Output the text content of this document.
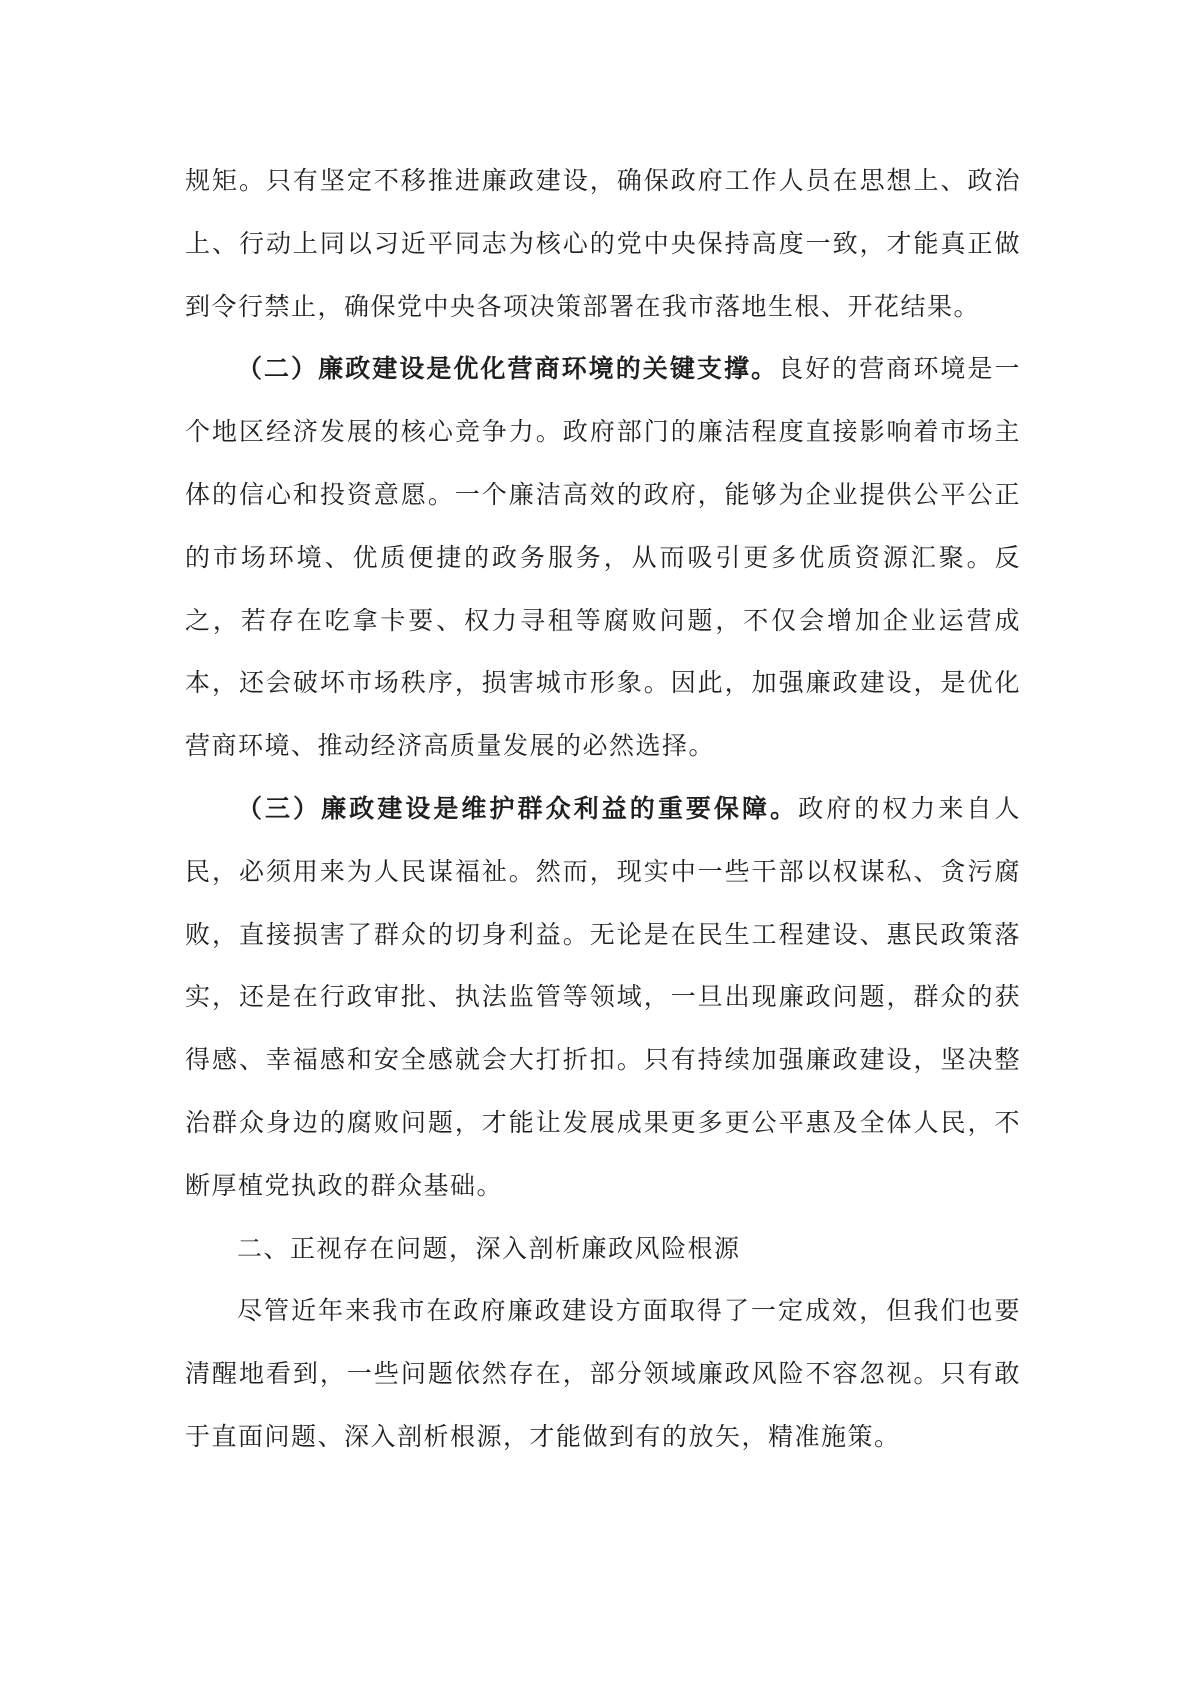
规矩。只有坚定不移推进廉政建设，确保政府工作人员在思想上、政治上、行动上同以习近平同志为核心的党中央保持高度一致，才能真正做到令行禁止，确保党中央各项决策部署在我市落地生根、开花结果。

（二）廉政建设是优化营商环境的关键支撑。良好的营商环境是一个地区经济发展的核心竞争力。政府部门的廉洁程度直接影响着市场主体的信心和投资意愿。一个廉洁高效的政府，能够为企业提供公平公正的市场环境、优质便捷的政务服务，从而吸引更多优质资源汇聚。反之，若存在吃拿卡要、权力寻租等腐败问题，不仅会增加企业运营成本，还会破坏市场秩序，损害城市形象。因此，加强廉政建设，是优化营商环境、推动经济高质量发展的必然选择。

（三）廉政建设是维护群众利益的重要保障。政府的权力来自人民，必须用来为人民谋福祉。然而，现实中一些干部以权谋私、贪污腐败，直接损害了群众的切身利益。无论是在民生工程建设、惠民政策落实，还是在行政审批、执法监管等领域，一旦出现廉政问题，群众的获得感、幸福感和安全感就会大打折扣。只有持续加强廉政建设，坚决整治群众身边的腐败问题，才能让发展成果更多更公平惠及全体人民，不断厚植党执政的群众基础。

二、正视存在问题，深入剖析廉政风险根源

尽管近年来我市在政府廉政建设方面取得了一定成效，但我们也要清醒地看到，一些问题依然存在，部分领域廉政风险不容忽视。只有敢于直面问题、深入剖析根源，才能做到有的放矢，精准施策。
